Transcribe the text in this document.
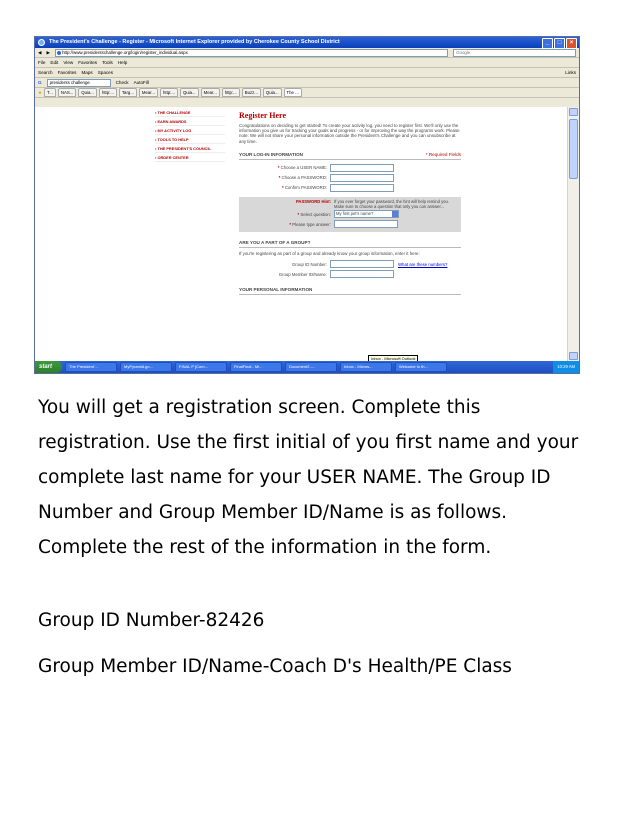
The President's Challenge - Register - Microsoft Internet Explorer provided by Cherokee County School District	_	□	×
◀ ▶	http://www.presidentschallenge.org/login/register_individual.aspx	Google
File Edit View Favorites Tools Help
Search Favorites Maps Spaces	Links
G	presidents challenge	Check AutoFill
★	T...	NAS...	Quia...	http:...	Targ...	Mear...	http:...	Quia...	Mear...	http:...	Buzz...	Quia...	The ...
• THE CHALLENGE
• EARN AWARDS
• MY ACTIVITY LOG
• TOOLS TO HELP
• THE PRESIDENT'S COUNCIL
• ORDER CENTER
Register Here
Congratulations on deciding to get started! To create your activity log, you need to register first. We'll only use the information you give us for tracking your goals and progress - or for improving the way the programs work. Please note: We will not share your personal information outside the President's Challenge and you can unsubscribe at any time.
YOUR LOG-IN INFORMATION	* Required Fields
* Choose a USER NAME:
* Choose a PASSWORD:
* Confirm PASSWORD:
PASSWORD Hint: If you ever forget your password, the hint will help remind you. Make sure to choose a question that only you can answer...
* Select question:	My first pet's name?
* Please type answer:
ARE YOU A PART OF A GROUP?
If you're registering as part of a group and already know your group information, enter it here:
Group ID Number:	What are these numbers?
Group Member ID/Name:
YOUR PERSONAL INFORMATION
Inbox - Microsoft Outlook
start	The President'...	MyPyramid.go...	FINAL P [Com...	FinalFinal - Mi...	Document2 -...	Inbox - Micros...	Welcome to th...	10:29 AM

You will get a registration screen. Complete this registration. Use the first initial of you first name and your complete last name for your USER NAME. The Group ID Number and Group Member ID/Name is as follows. Complete the rest of the information in the form.

Group ID Number-82426

Group Member ID/Name-Coach D's Health/PE Class
